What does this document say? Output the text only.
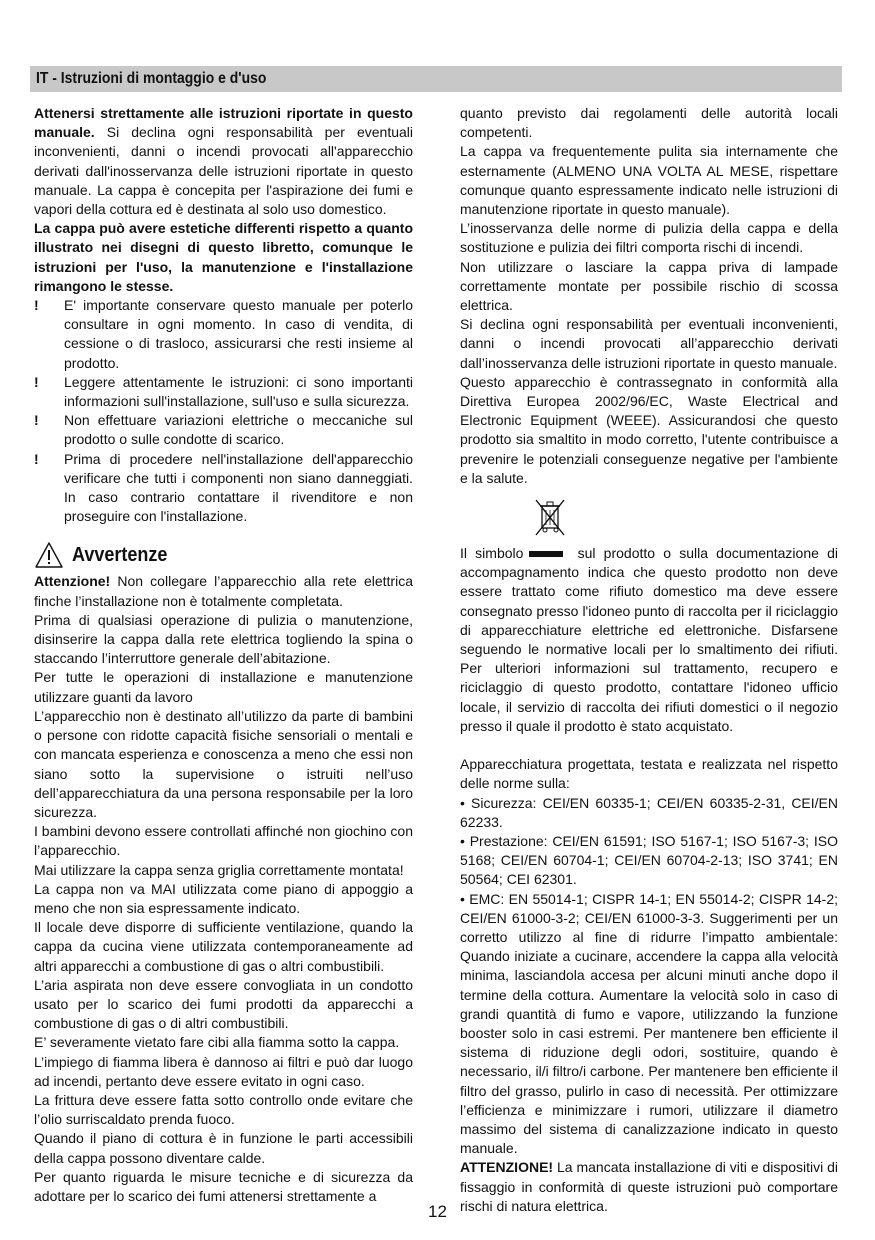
IT - Istruzioni di montaggio e d'uso

Attenersi strettamente alle istruzioni riportate in questo manuale. Si declina ogni responsabilità per eventuali inconvenienti, danni o incendi provocati all'apparecchio derivati dall'inosservanza delle istruzioni riportate in questo manuale. La cappa è concepita per l'aspirazione dei fumi e vapori della cottura ed è destinata al solo uso domestico.

La cappa può avere estetiche differenti rispetto a quanto illustrato nei disegni di questo libretto, comunque le istruzioni per l'uso, la manutenzione e l'installazione rimangono le stesse.

! E' importante conservare questo manuale per poterlo consultare in ogni momento. In caso di vendita, di cessione o di trasloco, assicurarsi che resti insieme al prodotto.
! Leggere attentamente le istruzioni: ci sono importanti informazioni sull'installazione, sull'uso e sulla sicurezza.
! Non effettuare variazioni elettriche o meccaniche sul prodotto o sulle condotte di scarico.
! Prima di procedere nell'installazione dell'apparecchio verificare che tutti i componenti non siano danneggiati. In caso contrario contattare il rivenditore e non proseguire con l'installazione.
Avvertenze

Attenzione! Non collegare l’apparecchio alla rete elettrica finche l’installazione non è totalmente completata.

Prima di qualsiasi operazione di pulizia o manutenzione, disinserire la cappa dalla rete elettrica togliendo la spina o staccando l’interruttore generale dell’abitazione.

Per tutte le operazioni di installazione e manutenzione utilizzare guanti da lavoro

L’apparecchio non è destinato all’utilizzo da parte di bambini o persone con ridotte capacità fisiche sensoriali o mentali e con mancata esperienza e conoscenza a meno che essi non siano sotto la supervisione o istruiti nell’uso dell’apparecchiatura da una persona responsabile per la loro sicurezza.

I bambini devono essere controllati affinché non giochino con l’apparecchio.

Mai utilizzare la cappa senza griglia correttamente montata!

La cappa non va MAI utilizzata come piano di appoggio a meno che non sia espressamente indicato.

Il locale deve disporre di sufficiente ventilazione, quando la cappa da cucina viene utilizzata contemporaneamente ad altri apparecchi a combustione di gas o altri combustibili.

L’aria aspirata non deve essere convogliata in un condotto usato per lo scarico dei fumi prodotti da apparecchi a combustione di gas o di altri combustibili.

E’ severamente vietato fare cibi alla fiamma sotto la cappa.

L’impiego di fiamma libera è dannoso ai filtri e può dar luogo ad incendi, pertanto deve essere evitato in ogni caso.

La frittura deve essere fatta sotto controllo onde evitare che l’olio surriscaldato prenda fuoco.

Quando il piano di cottura è in funzione le parti accessibili della cappa possono diventare calde.

Per quanto riguarda le misure tecniche e di sicurezza da adottare per lo scarico dei fumi attenersi strettamente a

quanto previsto dai regolamenti delle autorità locali competenti.

La cappa va frequentemente pulita sia internamente che esternamente (ALMENO UNA VOLTA AL MESE, rispettare comunque quanto espressamente indicato nelle istruzioni di manutenzione riportate in questo manuale).

L’inosservanza delle norme di pulizia della cappa e della sostituzione e pulizia dei filtri comporta rischi di incendi.

Non utilizzare o lasciare la cappa priva di lampade correttamente montate per possibile rischio di scossa elettrica.

Si declina ogni responsabilità per eventuali inconvenienti, danni o incendi provocati all’apparecchio derivati dall’inosservanza delle istruzioni riportate in questo manuale.

Questo apparecchio è contrassegnato in conformità alla Direttiva Europea 2002/96/EC, Waste Electrical and Electronic Equipment (WEEE). Assicurandosi che questo prodotto sia smaltito in modo corretto, l'utente contribuisce a prevenire le potenziali conseguenze negative per l'ambiente e la salute.

Il simbolo	sul prodotto o sulla documentazione di accompagnamento indica che questo prodotto non deve essere trattato come rifiuto domestico ma deve essere consegnato presso l'idoneo punto di raccolta per il riciclaggio di apparecchiature elettriche ed elettroniche. Disfarsene seguendo le normative locali per lo smaltimento dei rifiuti. Per ulteriori informazioni sul trattamento, recupero e riciclaggio di questo prodotto, contattare l'idoneo ufficio locale, il servizio di raccolta dei rifiuti domestici o il negozio presso il quale il prodotto è stato acquistato.

Apparecchiatura progettata, testata e realizzata nel rispetto delle norme sulla:

• Sicurezza: CEI/EN 60335-1; CEI/EN 60335-2-31, CEI/EN 62233.

• Prestazione: CEI/EN 61591; ISO 5167-1; ISO 5167-3; ISO 5168; CEI/EN 60704-1; CEI/EN 60704-2-13; ISO 3741; EN 50564; CEI 62301.

• EMC: EN 55014-1; CISPR 14-1; EN 55014-2; CISPR 14-2; CEI/EN 61000-3-2; CEI/EN 61000-3-3. Suggerimenti per un corretto utilizzo al fine di ridurre l’impatto ambientale: Quando iniziate a cucinare, accendere la cappa alla velocità minima, lasciandola accesa per alcuni minuti anche dopo il termine della cottura. Aumentare la velocità solo in caso di grandi quantità di fumo e vapore, utilizzando la funzione booster solo in casi estremi. Per mantenere ben efficiente il sistema di riduzione degli odori, sostituire, quando è necessario, il/i filtro/i carbone. Per mantenere ben efficiente il filtro del grasso, pulirlo in caso di necessità. Per ottimizzare l’efficienza e minimizzare i rumori, utilizzare il diametro massimo del sistema di canalizzazione indicato in questo manuale.

ATTENZIONE! La mancata installazione di viti e dispositivi di fissaggio in conformità di queste istruzioni può comportare rischi di natura elettrica.

12
